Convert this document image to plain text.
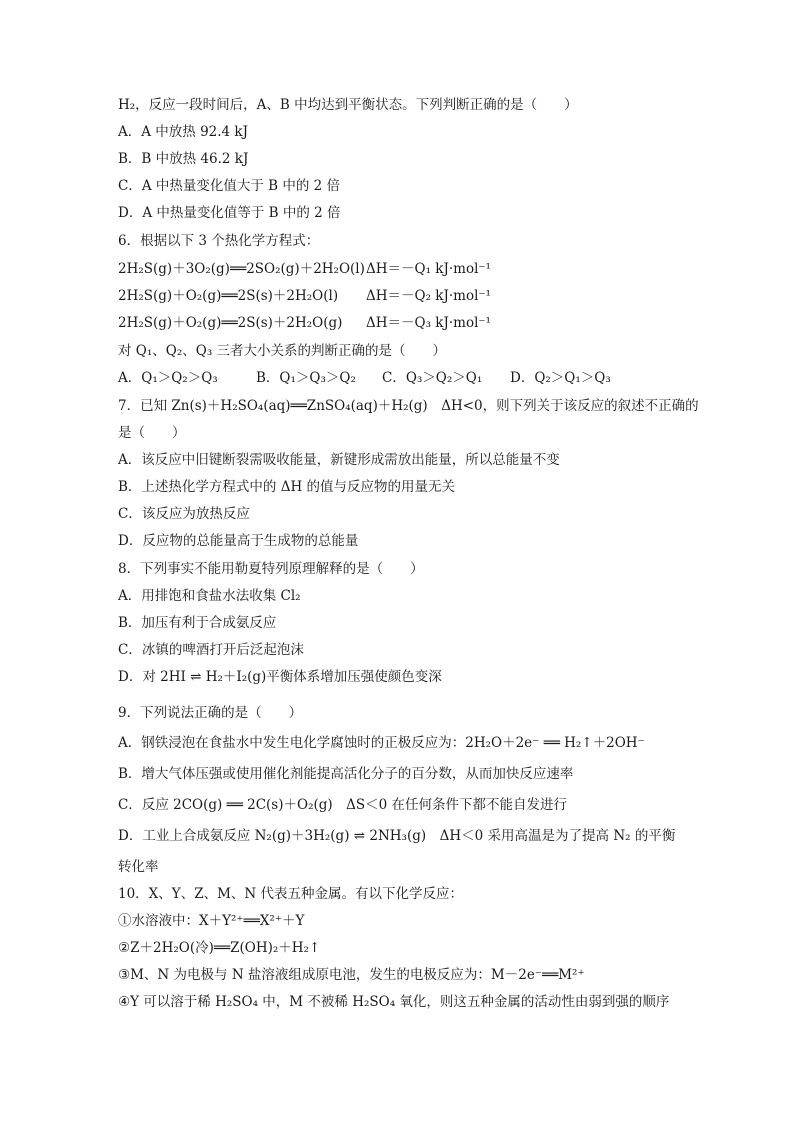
H₂，反应一段时间后，A、B 中均达到平衡状态。下列判断正确的是（　　）
A．A 中放热 92.4 kJ
B．B 中放热 46.2 kJ
C．A 中热量变化值大于 B 中的 2 倍
D．A 中热量变化值等于 B 中的 2 倍
6．根据以下 3 个热化学方程式：
2H₂S(g)＋3O₂(g)══2SO₂(g)＋2H₂O(l) ΔH＝－Q₁ kJ·mol⁻¹
2H₂S(g)＋O₂(g)══2S(s)＋2H₂O(l) ΔH＝－Q₂ kJ·mol⁻¹
2H₂S(g)＋O₂(g)══2S(s)＋2H₂O(g) ΔH＝－Q₃ kJ·mol⁻¹
对 Q₁、Q₂、Q₃ 三者大小关系的判断正确的是（　　）
A．Q₁＞Q₂＞Q₃	B．Q₁＞Q₃＞Q₂ C．Q₃＞Q₂＞Q₁ D．Q₂＞Q₁＞Q₃
7．已知 Zn(s)＋H₂SO₄(aq)══ZnSO₄(aq)＋H₂(g)　ΔH<0，则下列关于该反应的叙述不正确的
是（　　）
A．该反应中旧键断裂需吸收能量，新键形成需放出能量，所以总能量不变
B．上述热化学方程式中的 ΔH 的值与反应物的用量无关
C．该反应为放热反应
D．反应物的总能量高于生成物的总能量
8．下列事实不能用勒夏特列原理解释的是（　　）
A．用排饱和食盐水法收集 Cl₂
B．加压有利于合成氨反应
C．冰镇的啤酒打开后泛起泡沫
D．对 2HI ⇌ H₂＋I₂(g)平衡体系增加压强使颜色变深
9．下列说法正确的是（　　）
A．钢铁浸泡在食盐水中发生电化学腐蚀时的正极反应为：2H₂O＋2e⁻ ══ H₂↑＋2OH⁻
B．增大气体压强或使用催化剂能提高活化分子的百分数，从而加快反应速率
C．反应 2CO(g) ══ 2C(s)＋O₂(g)　ΔS＜0 在任何条件下都不能自发进行
D．工业上合成氨反应 N₂(g)＋3H₂(g) ⇌ 2NH₃(g)　ΔH＜0 采用高温是为了提高 N₂ 的平衡
转化率
10．X、Y、Z、M、N 代表五种金属。有以下化学反应：
①水溶液中：X＋Y²⁺══X²⁺＋Y
②Z＋2H₂O(冷)══Z(OH)₂＋H₂↑
③M、N 为电极与 N 盐溶液组成原电池，发生的电极反应为：M－2e⁻══M²⁺
④Y 可以溶于稀 H₂SO₄ 中，M 不被稀 H₂SO₄ 氧化，则这五种金属的活动性由弱到强的顺序
